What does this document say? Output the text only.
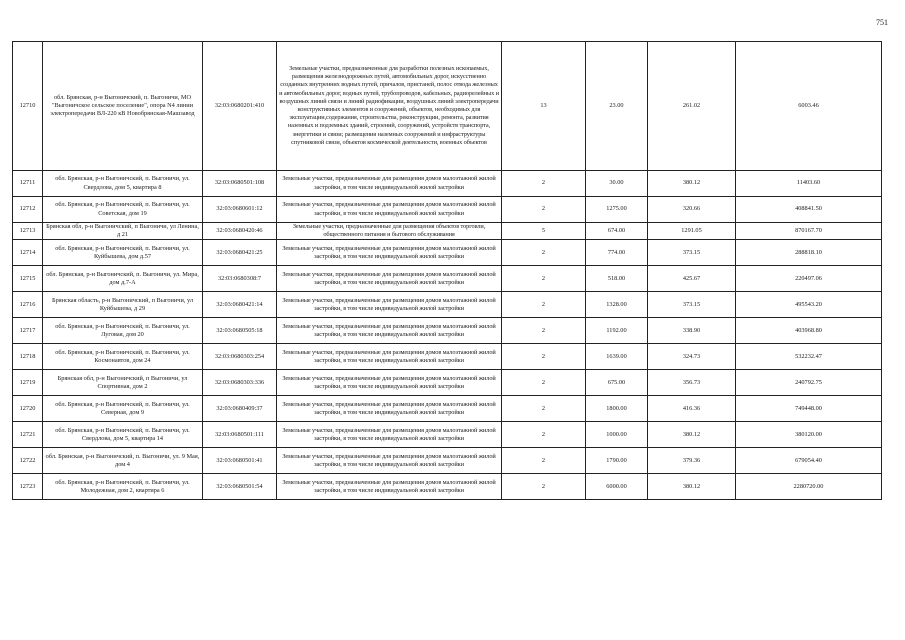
751
12710	обл. Брянская, р-н Выгоничский, п. Выгоничи, МО "Выгоничское сельское поселение", опора N4 линии электропередачи ВЛ-220 кВ Новобрянская-Машзавод	32:03:0680201:410	Земельные участки, предназначенные для разработки полезных ископаемых, размещения железнодорожных путей, автомобильных дорог, искусственно созданных внутренних водных путей, причалов, пристаней, полос отвода железных и автомобильных дорог, водных путей, трубопроводов, кабельных, радиорелейных и воздушных линий связи и линий радиофикации, воздушных линий электропередачи конструктивных элементов и сооружений, объектов, необходимых для эксплуатации,содержания, строительства, реконструкции, ремонта, развития наземных и подземных зданий, строений, сооружений, устройств транспорта, энергетики и связи; размещения наземных сооружений и инфраструктуры спутниковой связи, объектов космической деятельности, военных объектов	13	23.00	261.02	6003.46
12711	обл. Брянская, р-н Выгоничский, п. Выгоничи, ул. Свердлова, дом 5, квартира 8	32:03:0680501:108	Земельные участки, предназначенные для размещения домов малоэтажной жилой застройки, в том числе индивидуальной жилой застройки	2	30.00	380.12	11403.60
12712	обл. Брянская, р-н Выгоничский, п. Выгоничи, ул. Советская, дом 19	32:03:0680601:12	Земельные участки, предназначенные для размещения домов малоэтажной жилой застройки, в том числе индивидуальной жилой застройки	2	1275.00	320.66	408841.50
12713	Брянская обл, р-н Выгоничский, п Выгоничи, ул Ленина, д 21	32:03:0680420:46	Земельные участки, предназначенные для размещения объектов торговли, общественного питания и бытового обслуживания	5	674.00	1291.05	870167.70
12714	обл. Брянская, р-н Выгоничский, п. Выгоничи, ул. Куйбышева, дом д.57	32:03:0680421:25	Земельные участки, предназначенные для размещения домов малоэтажной жилой застройки, в том числе индивидуальной жилой застройки	2	774.00	373.15	288818.10
12715	обл. Брянская, р-н Выгоничский, п. Выгоничи, ул. Мира, дом д.7-А	32:03:0680308:7	Земельные участки, предназначенные для размещения домов малоэтажной жилой застройки, в том числе индивидуальной жилой застройки	2	518.00	425.67	220497.06
12716	Брянская область, р-н Выгоничский, п Выгоничи, ул Куйбышева, д 29	32:03:0680421:14	Земельные участки, предназначенные для размещения домов малоэтажной жилой застройки, в том числе индивидуальной жилой застройки	2	1328.00	373.15	495543.20
12717	обл. Брянская, р-н Выгоничский, п. Выгоничи, ул. Луговая, дом 20	32:03:0680505:18	Земельные участки, предназначенные для размещения домов малоэтажной жилой застройки, в том числе индивидуальной жилой застройки	2	1192.00	338.90	403968.80
12718	обл. Брянская, р-н Выгоничский, п. Выгоничи, ул. Космонавтов, дом 24	32:03:0680303:254	Земельные участки, предназначенные для размещения домов малоэтажной жилой застройки, в том числе индивидуальной жилой застройки	2	1639.00	324.73	532232.47
12719	Брянская обл, р-н Выгоничский, п Выгоничи, ул Спортивная, дом 2	32:03:0680303:336	Земельные участки, предназначенные для размещения домов малоэтажной жилой застройки, в том числе индивидуальной жилой застройки	2	675.00	356.73	240792.75
12720	обл. Брянская, р-н Выгоничский, п. Выгоничи, ул. Северная, дом 9	32:03:0680409:37	Земельные участки, предназначенные для размещения домов малоэтажной жилой застройки, в том числе индивидуальной жилой застройки	2	1800.00	416.36	749448.00
12721	обл. Брянская, р-н Выгоничский, п. Выгоничи, ул. Свердлова, дом 5, квартира 14	32:03:0680501:111	Земельные участки, предназначенные для размещения домов малоэтажной жилой застройки, в том числе индивидуальной жилой застройки	2	1000.00	380.12	380120.00
12722	обл. Брянская, р-н Выгоничский, п. Выгоничи, ул. 9 Мая, дом 4	32:03:0680501:41	Земельные участки, предназначенные для размещения домов малоэтажной жилой застройки, в том числе индивидуальной жилой застройки	2	1790.00	379.36	679054.40
12723	обл. Брянская, р-н Выгоничский, п. Выгоничи, ул. Молодежная, дом 2, квартира 6	32:03:0680501:54	Земельные участки, предназначенные для размещения домов малоэтажной жилой застройки, в том числе индивидуальной жилой застройки	2	6000.00	380.12	2280720.00
